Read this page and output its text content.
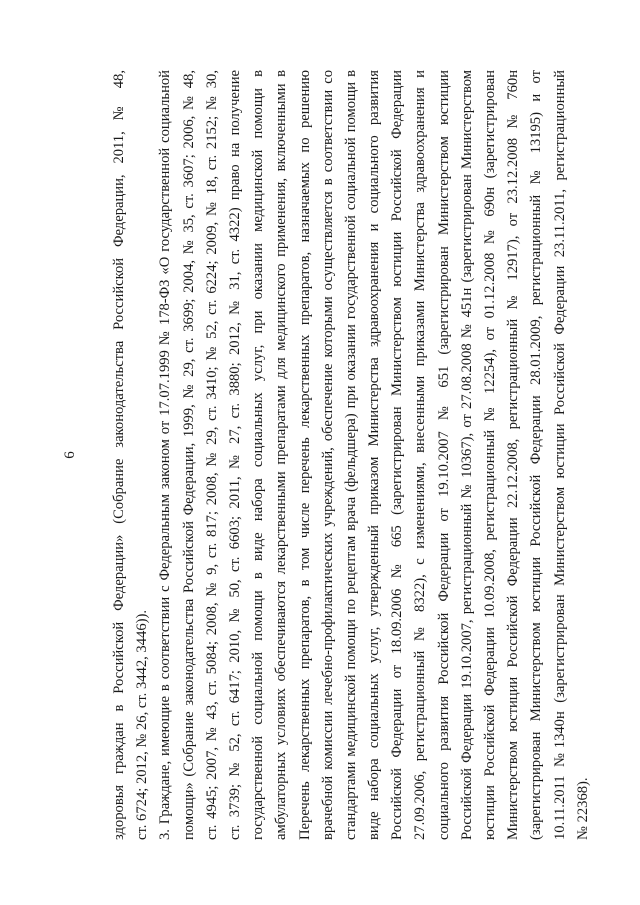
6 здоровья граждан в Российской Федерации» (Собрание законодательства Российской Федерации, 2011, № 48, ст. 6724; 2012, № 26, ст. 3442, 3446)). 3. Граждане, имеющие в соответствии с Федеральным законом от 17.07.1999 № 178-ФЗ «О государственной социальной помощи» (Собрание законодательства Российской Федерации, 1999, № 29, ст. 3699; 2004, № 35, ст. 3607; 2006, № 48, ст. 4945; 2007, № 43, ст. 5084; 2008, № 9, ст. 817; 2008, № 29, ст. 3410; № 52, ст. 6224; 2009, № 18, ст. 2152; № 30, ст. 3739; № 52, ст. 6417; 2010, № 50, ст. 6603; 2011, № 27, ст. 3880; 2012, № 31, ст. 4322) право на получение государственной социальной помощи в виде набора социальных услуг, при оказании медицинской помощи в амбулаторных условиях обеспечиваются лекарственными препаратами для медицинского применения, включенными в Перечень лекарственных препаратов, в том числе перечень лекарственных препаратов, назначаемых по решению врачебной комиссии лечебно-профилактических учреждений, обеспечение которыми осуществляется в соответствии со стандартами медицинской помощи по рецептам врача (фельдшера) при оказании государственной социальной помощи в виде набора социальных услуг, утвержденный приказом Министерства здравоохранения и социального развития Российской Федерации от 18.09.2006 № 665 (зарегистрирован Министерством юстиции Российской Федерации 27.09.2006, регистрационный № 8322), с изменениями, внесенными приказами Министерства здравоохранения и социального развития Российской Федерации от 19.10.2007 № 651 (зарегистрирован Министерством юстиции Российской Федерации 19.10.2007, регистрационный № 10367), от 27.08.2008 № 451н (зарегистрирован Министерством юстиции Российской Федерации 10.09.2008, регистрационный № 12254), от 01.12.2008 № 690н (зарегистрирован Министерством юстиции Российской Федерации 22.12.2008, регистрационный № 12917), от 23.12.2008 № 760н (зарегистрирован Министерством юстиции Российской Федерации 28.01.2009, регистрационный № 13195) и от 10.11.2011 №1340н (зарегистрирован Министерством юстиции Российской Федерации 23.11.2011, регистрационный № 22368).
